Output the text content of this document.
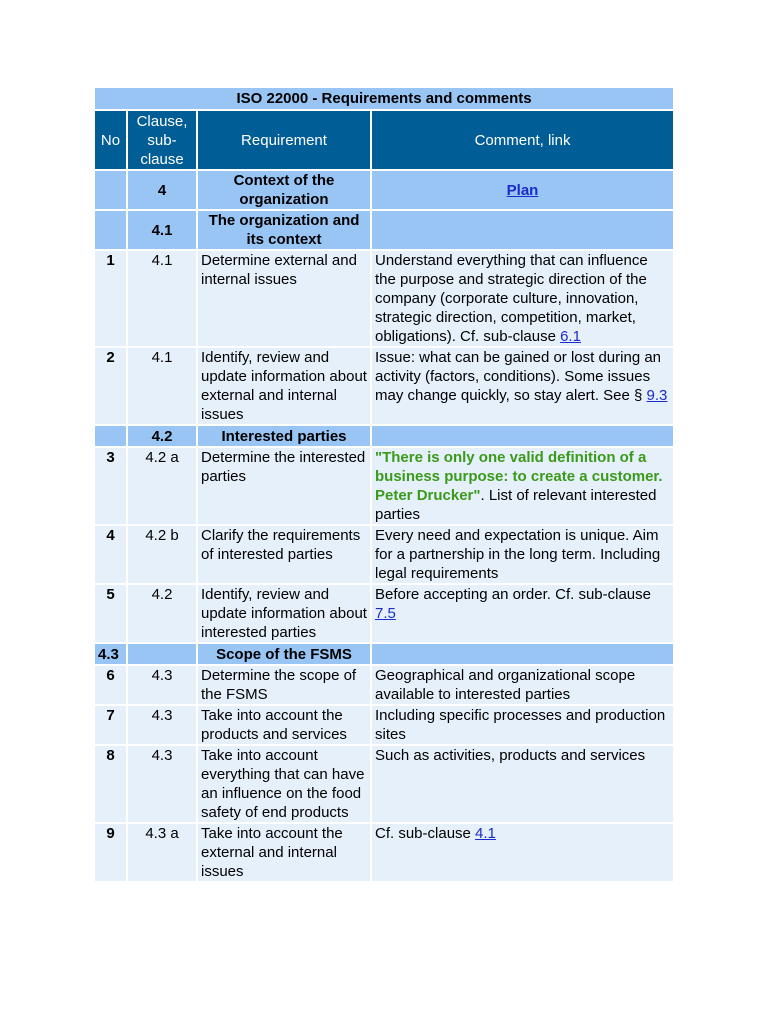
ISO 22000 - Requirements and comments			
No	Clause, sub-clause	Requirement	Comment, link
	4	Context of the organization	Plan
	4.1	The organization and its context	
1	4.1	Determine external and internal issues	Understand everything that can influence the purpose and strategic direction of the company (corporate culture, innovation, strategic direction, competition, market, obligations). Cf. sub-clause 6.1
2	4.1	Identify, review and update information about external and internal issues	Issue: what can be gained or lost during an activity (factors, conditions). Some issues may change quickly, so stay alert. See § 9.3
	4.2	Interested parties	
3	4.2 a	Determine the interested parties	"There is only one valid definition of a business purpose: to create a customer. Peter Drucker". List of relevant interested parties
4	4.2 b	Clarify the requirements of interested parties	Every need and expectation is unique. Aim for a partnership in the long term. Including legal requirements
5	4.2	Identify, review and update information about interested parties	Before accepting an order. Cf. sub-clause 7.5
4.3		Scope of the FSMS	
6	4.3	Determine the scope of the FSMS	Geographical and organizational scope available to interested parties
7	4.3	Take into account the products and services	Including specific processes and production sites
8	4.3	Take into account everything that can have an influence on the food safety of end products	Such as activities, products and services
9	4.3 a	Take into account the external and internal issues	Cf. sub-clause 4.1
